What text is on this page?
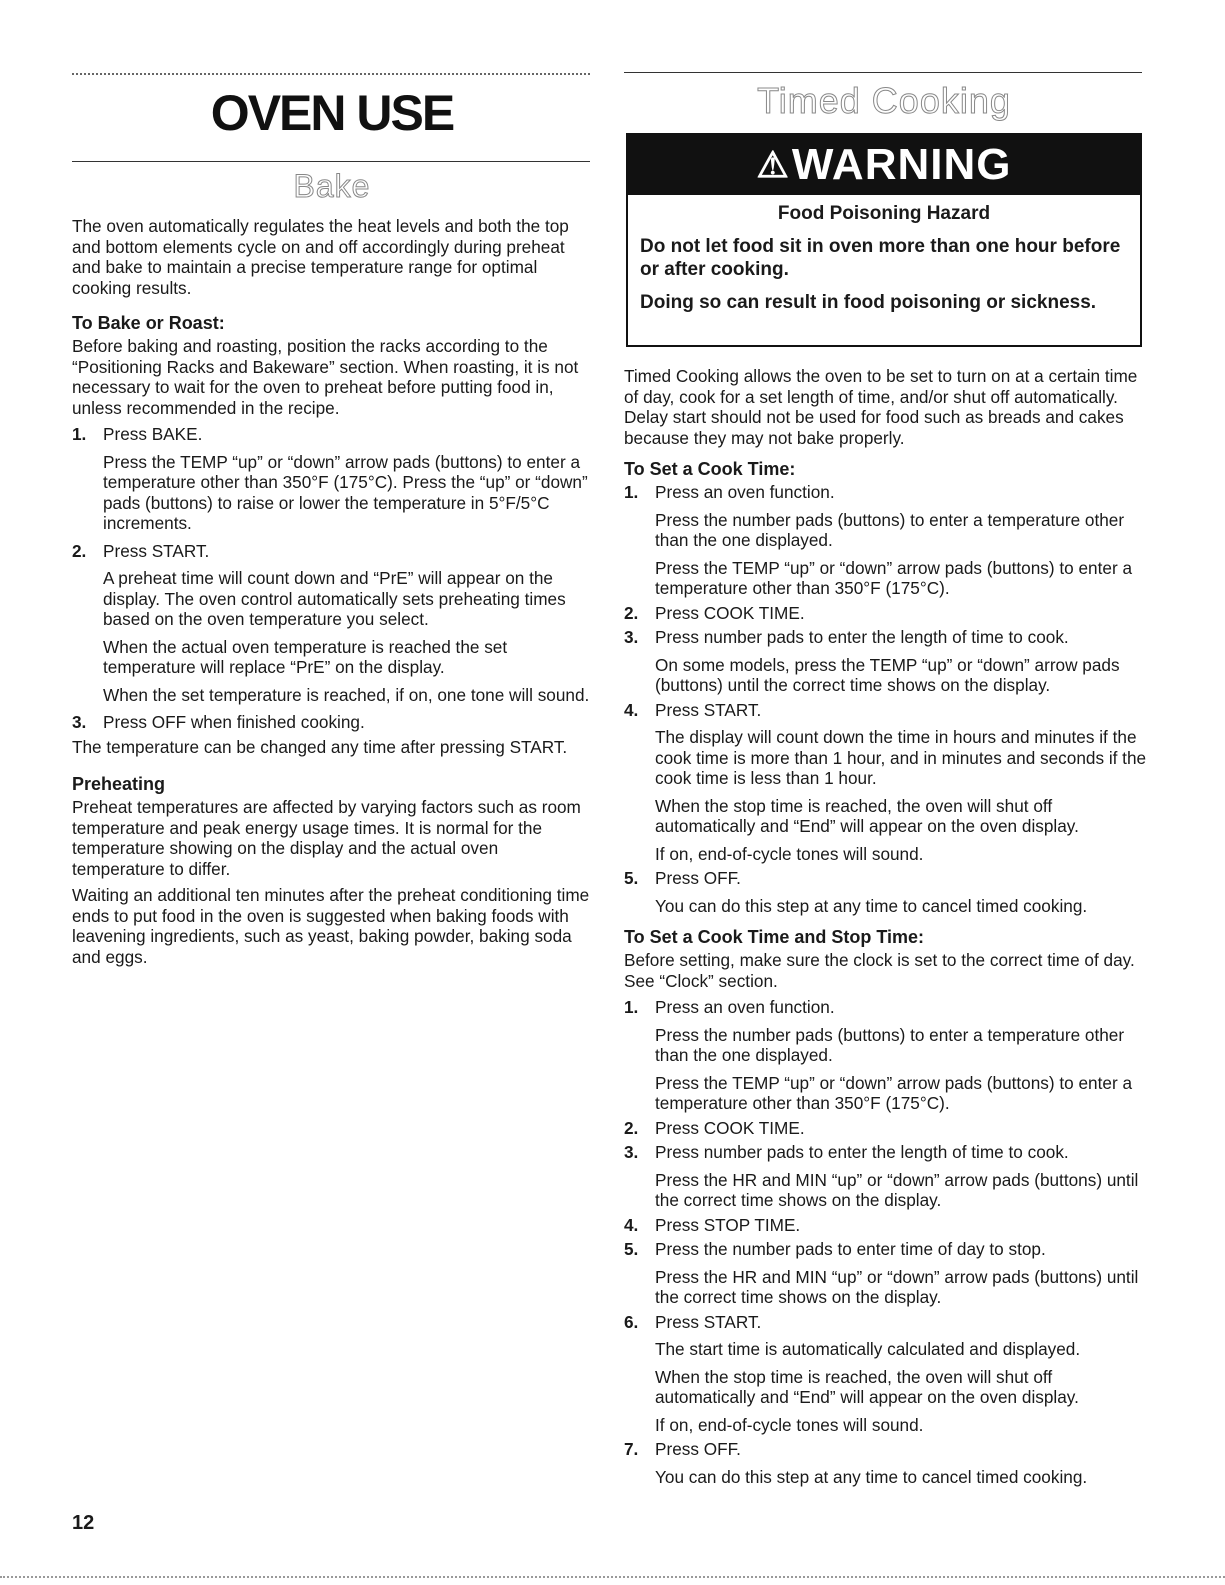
OVEN USE
Bake
Timed Cooking

The oven automatically regulates the heat levels and both the top and bottom elements cycle on and off accordingly during preheat and bake to maintain a precise temperature range for optimal cooking results.

To Bake or Roast:

Before baking and roasting, position the racks according to the “Positioning Racks and Bakeware” section. When roasting, it is not necessary to wait for the oven to preheat before putting food in, unless recommended in the recipe.

1. Press BAKE.

Press the TEMP “up” or “down” arrow pads (buttons) to enter a temperature other than 350°F (175°C). Press the “up” or “down” pads (buttons) to raise or lower the temperature in 5°F/5°C increments.

2. Press START.

A preheat time will count down and “PrE” will appear on the display. The oven control automatically sets preheating times based on the oven temperature you select.

When the actual oven temperature is reached the set temperature will replace “PrE” on the display.

When the set temperature is reached, if on, one tone will sound.

3. Press OFF when finished cooking.

The temperature can be changed any time after pressing START.

Preheating

Preheat temperatures are affected by varying factors such as room temperature and peak energy usage times. It is normal for the temperature showing on the display and the actual oven temperature to differ.

Waiting an additional ten minutes after the preheat conditioning time ends to put food in the oven is suggested when baking foods with leavening ingredients, such as yeast, baking powder, baking soda and eggs.

⚠ WARNING
Food Poisoning Hazard

Do not let food sit in oven more than one hour before or after cooking.

Doing so can result in food poisoning or sickness.

Timed Cooking allows the oven to be set to turn on at a certain time of day, cook for a set length of time, and/or shut off automatically. Delay start should not be used for food such as breads and cakes because they may not bake properly.

To Set a Cook Time:

1. Press an oven function.

Press the number pads (buttons) to enter a temperature other than the one displayed.

Press the TEMP “up” or “down” arrow pads (buttons) to enter a temperature other than 350°F (175°C).

2. Press COOK TIME.

3. Press number pads to enter the length of time to cook.

On some models, press the TEMP “up” or “down” arrow pads (buttons) until the correct time shows on the display.

4. Press START.

The display will count down the time in hours and minutes if the cook time is more than 1 hour, and in minutes and seconds if the cook time is less than 1 hour.

When the stop time is reached, the oven will shut off automatically and “End” will appear on the oven display.

If on, end-of-cycle tones will sound.

5. Press OFF.

You can do this step at any time to cancel timed cooking.

To Set a Cook Time and Stop Time:

Before setting, make sure the clock is set to the correct time of day. See “Clock” section.

1. Press an oven function.

Press the number pads (buttons) to enter a temperature other than the one displayed.

Press the TEMP “up” or “down” arrow pads (buttons) to enter a temperature other than 350°F (175°C).

2. Press COOK TIME.

3. Press number pads to enter the length of time to cook.

Press the HR and MIN “up” or “down” arrow pads (buttons) until the correct time shows on the display.

4. Press STOP TIME.

5. Press the number pads to enter time of day to stop.

Press the HR and MIN “up” or “down” arrow pads (buttons) until the correct time shows on the display.

6. Press START.

The start time is automatically calculated and displayed.

When the stop time is reached, the oven will shut off automatically and “End” will appear on the oven display.

If on, end-of-cycle tones will sound.

7. Press OFF.

You can do this step at any time to cancel timed cooking.

12
